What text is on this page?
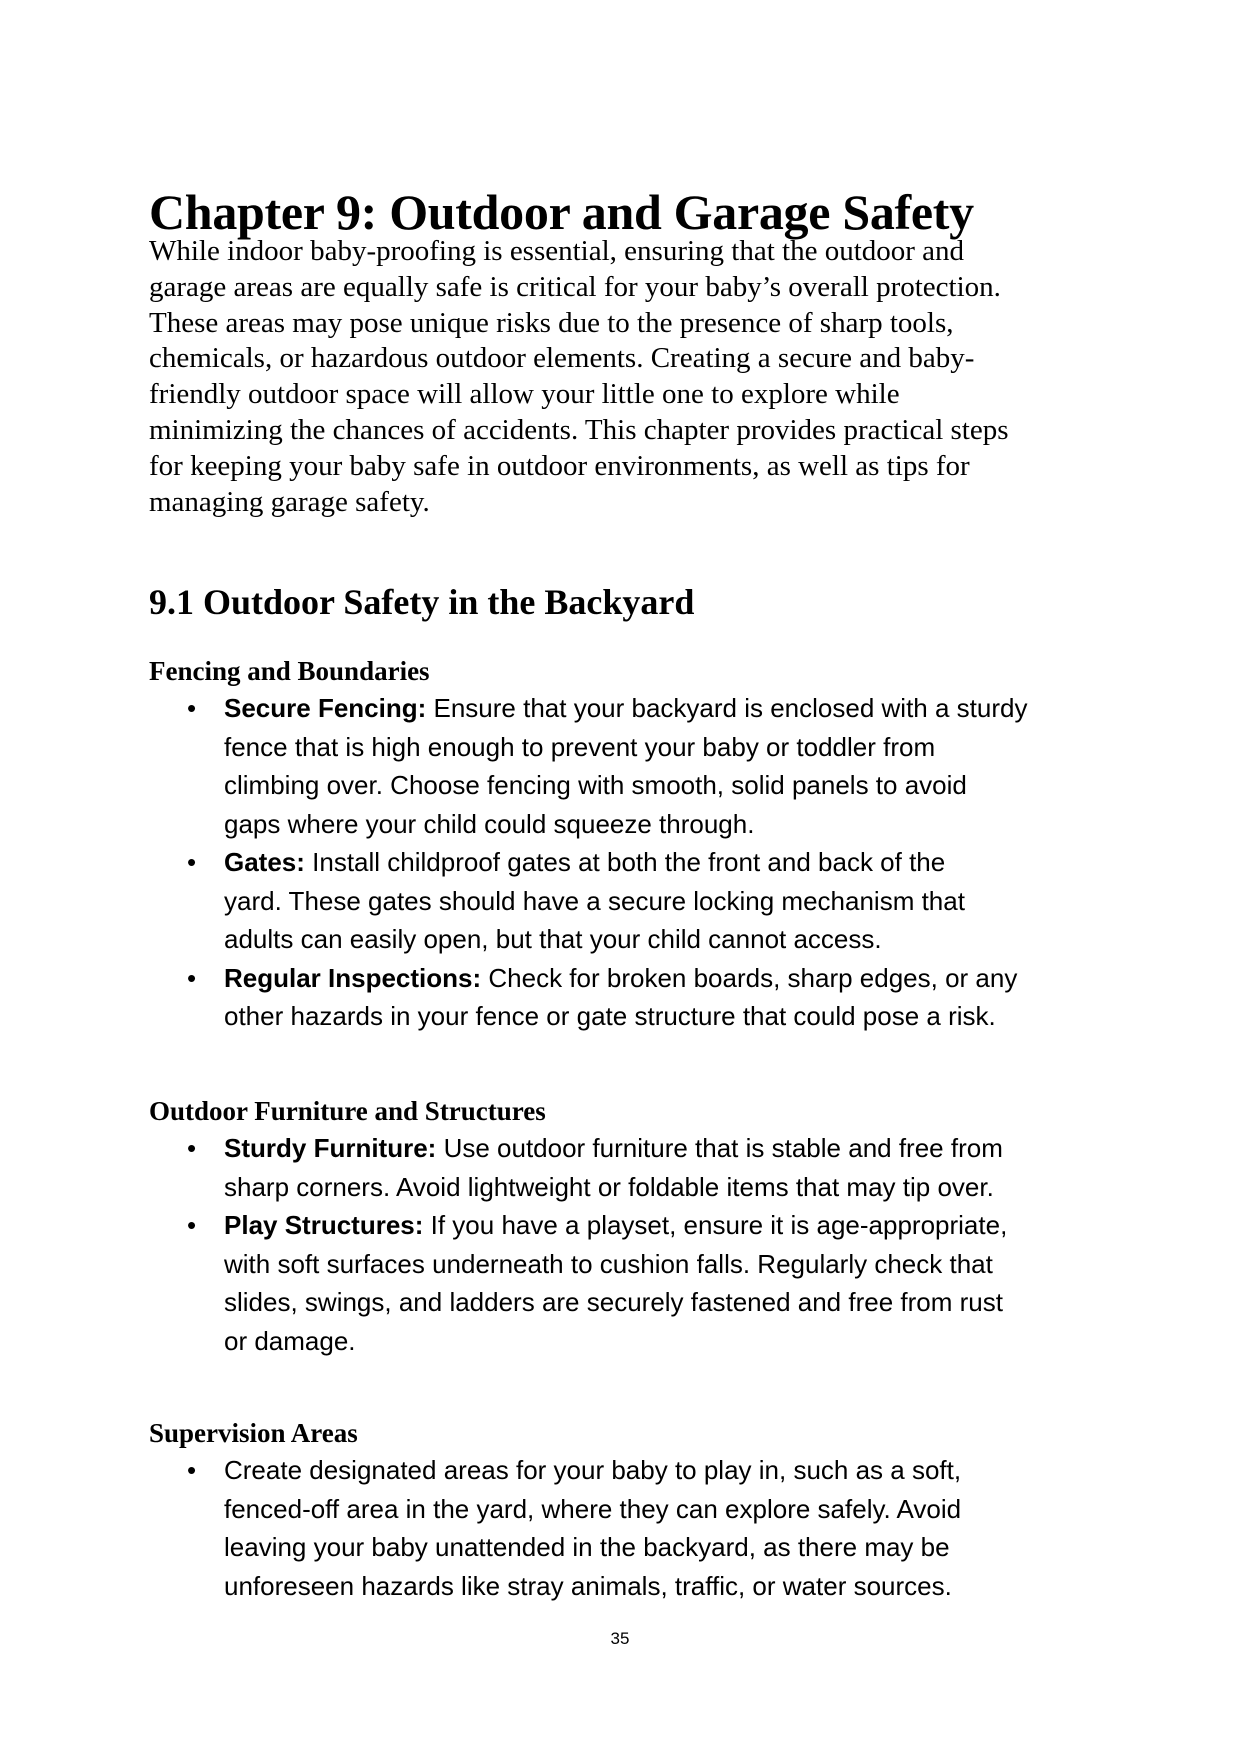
Chapter 9: Outdoor and Garage Safety
While indoor baby-proofing is essential, ensuring that the outdoor and
garage areas are equally safe is critical for your baby’s overall protection.
These areas may pose unique risks due to the presence of sharp tools,
chemicals, or hazardous outdoor elements. Creating a secure and baby-
friendly outdoor space will allow your little one to explore while
minimizing the chances of accidents. This chapter provides practical steps
for keeping your baby safe in outdoor environments, as well as tips for
managing garage safety.
9.1 Outdoor Safety in the Backyard
Fencing and Boundaries
• Secure Fencing: Ensure that your backyard is enclosed with a sturdy
fence that is high enough to prevent your baby or toddler from
climbing over. Choose fencing with smooth, solid panels to avoid
gaps where your child could squeeze through.
• Gates: Install childproof gates at both the front and back of the
yard. These gates should have a secure locking mechanism that
adults can easily open, but that your child cannot access.
• Regular Inspections: Check for broken boards, sharp edges, or any
other hazards in your fence or gate structure that could pose a risk.
Outdoor Furniture and Structures
• Sturdy Furniture: Use outdoor furniture that is stable and free from
sharp corners. Avoid lightweight or foldable items that may tip over.
• Play Structures: If you have a playset, ensure it is age-appropriate,
with soft surfaces underneath to cushion falls. Regularly check that
slides, swings, and ladders are securely fastened and free from rust
or damage.
Supervision Areas
• Create designated areas for your baby to play in, such as a soft,
fenced-off area in the yard, where they can explore safely. Avoid
leaving your baby unattended in the backyard, as there may be
unforeseen hazards like stray animals, traffic, or water sources.
35
